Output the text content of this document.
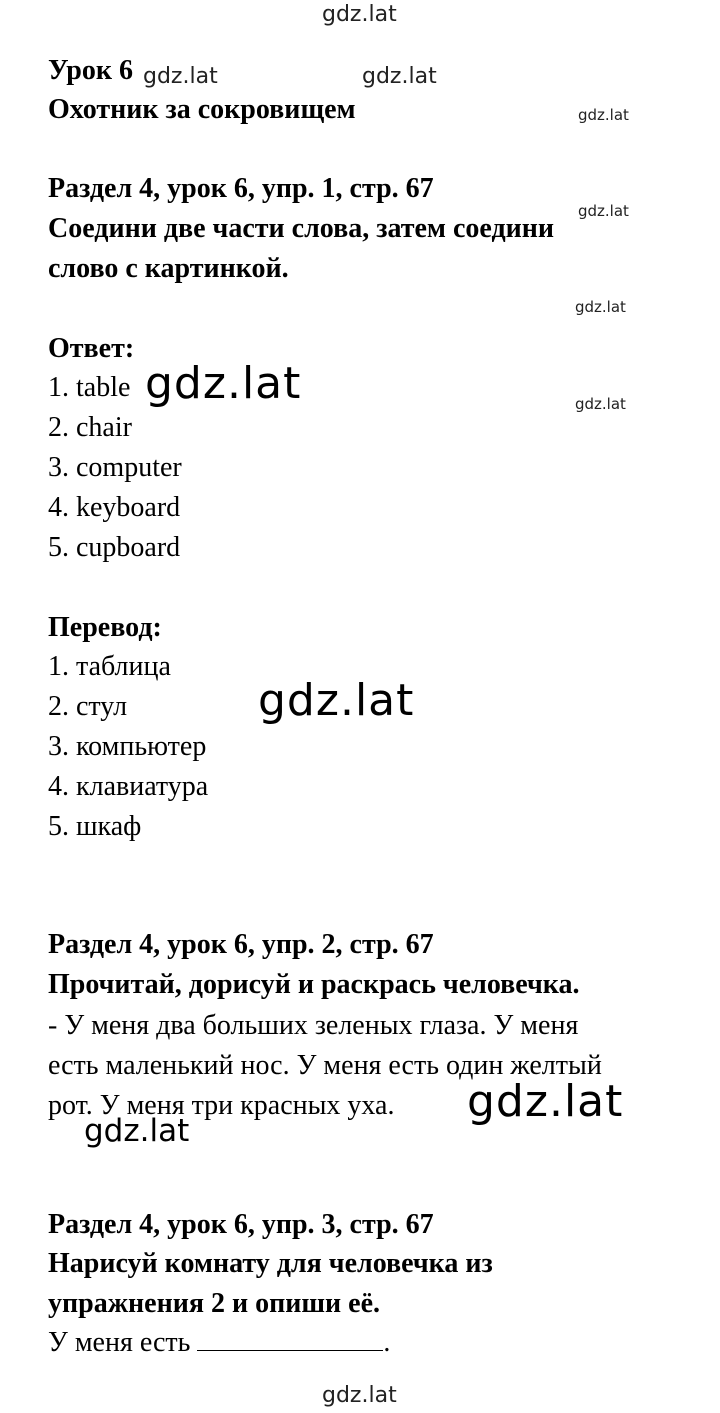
gdz.lat
gdz.lat	gdz.lat
gdz.lat
gdz.lat
gdz.lat
gdz.lat
gdz.lat
gdz.lat
gdz.lat
gdz.lat
gdz.lat
Урок 6
Охотник за сокровищем
Раздел 4, урок 6, упр. 1, стр. 67
Соедини две части слова, затем соедини
слово с картинкой.
Ответ:
1. table
2. chair
3. computer
4. keyboard
5. cupboard
Перевод:
1. таблица
2. стул
3. компьютер
4. клавиатура
5. шкаф
Раздел 4, урок 6, упр. 2, стр. 67
Прочитай, дорисуй и раскрась человечка.
- У меня два больших зеленых глаза. У меня
есть маленький нос. У меня есть один желтый
рот. У меня три красных уха.
Раздел 4, урок 6, упр. 3, стр. 67
Нарисуй комнату для человечка из
упражнения 2 и опиши её.
У меня есть	.
